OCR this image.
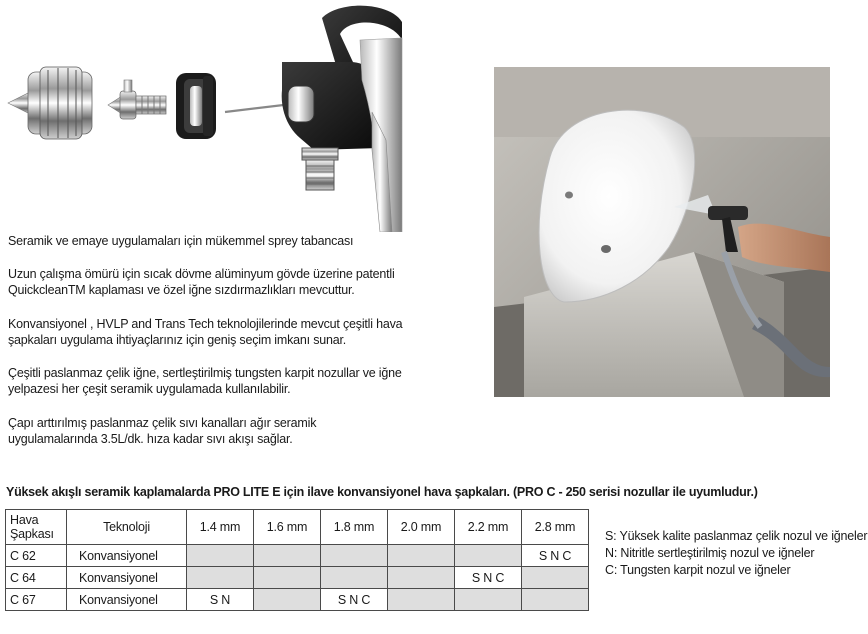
Seramik ve emaye uygulamaları için mükemmel sprey tabancası
Uzun çalışma ömürü için sıcak dövme alüminyum gövde üzerine patentli QuickcleanTM kaplaması ve özel iğne sızdırmazlıkları mevcuttur.
Konvansiyonel , HVLP and Trans Tech teknolojilerinde mevcut çeşitli hava şapkaları uygulama ihtiyaçlarınız için geniş seçim imkanı sunar.
Çeşitli paslanmaz çelik iğne, sertleştirilmiş tungsten karpit nozullar ve iğne yelpazesi her çeşit seramik uygulamada kullanılabilir.
Çapı arttırılmış paslanmaz çelik sıvı kanalları ağır seramik uygulamalarında 3.5L/dk. hıza kadar sıvı akışı sağlar.
Yüksek akışlı seramik kaplamalarda PRO LITE E için ilave konvansiyonel hava şapkaları. (PRO C - 250 serisi nozullar ile uyumludur.)
Hava Şapkası	Teknoloji	1.4 mm	1.6 mm	1.8 mm	2.0 mm	2.2 mm	2.8 mm
C 62	Konvansiyonel						S N C
C 64	Konvansiyonel					S N C	
C 67	Konvansiyonel	S N		S N C			
S: Yüksek kalite paslanmaz çelik nozul ve iğneler
N: Nitritle sertleştirilmiş nozul ve iğneler
C: Tungsten karpit nozul ve iğneler
